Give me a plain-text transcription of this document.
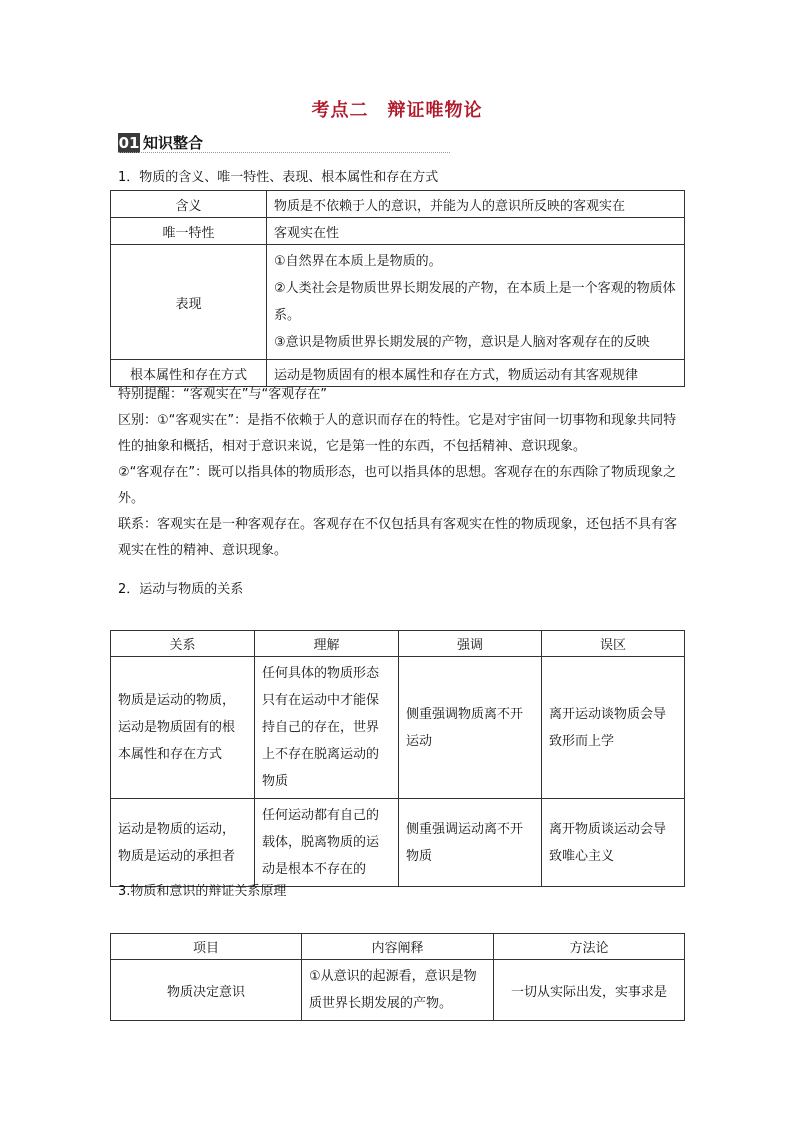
考点二　辩证唯物论
01 知识整合
1．物质的含义、唯一特性、表现、根本属性和存在方式
含义	物质是不依赖于人的意识，并能为人的意识所反映的客观实在
唯一特性	客观实在性
表现	①自然界在本质上是物质的。
②人类社会是物质世界长期发展的产物，在本质上是一个客观的物质体系。
③意识是物质世界长期发展的产物，意识是人脑对客观存在的反映

根本属性和存在方式	运动是物质固有的根本属性和存在方式，物质运动有其客观规律
特别提醒：“客观实在”与“客观存在”
区别：①“客观实在”：是指不依赖于人的意识而存在的特性。它是对宇宙间一切事物和现象共同特性的抽象和概括，相对于意识来说，它是第一性的东西，不包括精神、意识现象。
②“客观存在”：既可以指具体的物质形态，也可以指具体的思想。客观存在的东西除了物质现象之外。
联系：客观实在是一种客观存在。客观存在不仅包括具有客观实在性的物质现象，还包括不具有客观实在性的精神、意识现象。
2．运动与物质的关系
关系	理解	强调	误区
物质是运动的物质，运动是物质固有的根本属性和存在方式	任何具体的物质形态只有在运动中才能保持自己的存在，世界上不存在脱离运动的物质	侧重强调物质离不开运动	离开运动谈物质会导致形而上学
运动是物质的运动，物质是运动的承担者	任何运动都有自己的载体，脱离物质的运动是根本不存在的	侧重强调运动离不开物质	离开物质谈运动会导致唯心主义
3.物质和意识的辩证关系原理
项目	内容阐释	方法论
物质决定意识	①从意识的起源看，意识是物质世界长期发展的产物。	一切从实际出发，实事求是
